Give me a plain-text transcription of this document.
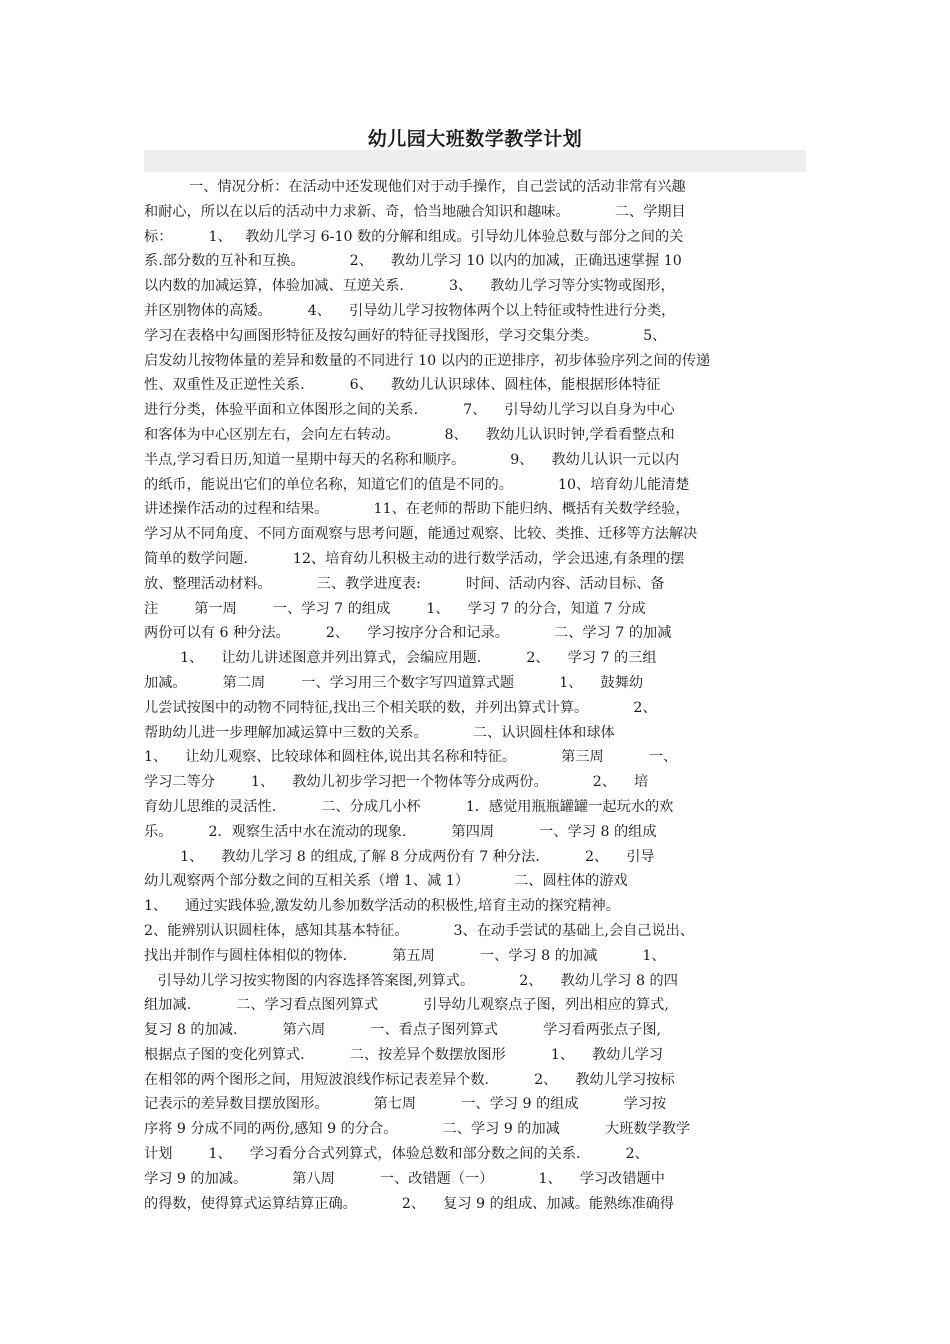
幼儿园大班数学教学计划
一、情况分析：在活动中还发现他们对于动手操作，自己尝试的活动非常有兴趣
和耐心，所以在以后的活动中力求新、奇，恰当地融合知识和趣味。          二、学期目
标：        1、   教幼儿学习 6-10 数的分解和组成。引导幼儿体验总数与部分之间的关
系.部分数的互补和互换。          2、    教幼儿学习 10 以内的加减，正确迅速掌握 10
以内数的加减运算，体验加减、互逆关系.          3、    教幼儿学习等分实物或图形，
并区别物体的高矮。        4、    引导幼儿学习按物体两个以上特征或特性进行分类，
学习在表格中勾画图形特征及按勾画好的特征寻找图形，学习交集分类。          5、
启发幼儿按物体量的差异和数量的不同进行 10 以内的正逆排序，初步体验序列之间的传递
性、双重性及正逆性关系.          6、    教幼儿认识球体、圆柱体，能根据形体特征
进行分类，体验平面和立体图形之间的关系.          7、    引导幼儿学习以自身为中心
和客体为中心区别左右，会向左右转动。          8、    教幼儿认识时钟,学看看整点和
半点,学习看日历,知道一星期中每天的名称和顺序。          9、    教幼儿认识一元以内
的纸币，能说出它们的单位名称，知道它们的值是不同的。          10、培育幼儿能清楚
讲述操作活动的过程和结果。          11、在老师的帮助下能归纳、概括有关数学经验，
学习从不同角度、不同方面观察与思考问题，能通过观察、比较、类推、迁移等方法解决
简单的数学问题.          12、培育幼儿积极主动的进行数学活动，学会迅速,有条理的摆
放、整理活动材料。          三、教学进度表:          时间、活动内容、活动目标、备
注        第一周        一、学习 7 的组成        1、    学习 7 的分合，知道 7 分成
两份可以有 6 种分法。        2、    学习按序分合和记录。          二、学习 7 的加减
1、    让幼儿讲述图意并列出算式，会编应用题.          2、    学习 7 的三组
加减。        第二周        一、学习用三个数字写四道算式题          1、    鼓舞幼
儿尝试按图中的动物不同特征,找出三个相关联的数，并列出算式计算。          2、
帮助幼儿进一步理解加减运算中三数的关系。          二、认识圆柱体和球体
1、    让幼儿观察、比较球体和圆柱体,说出其名称和特征。          第三周          一、
学习二等分        1、    教幼儿初步学习把一个物体等分成两份。          2、    培
育幼儿思维的灵活性.          二、分成几小杯          1．感觉用瓶瓶罐罐一起玩水的欢
乐。        2．观察生活中水在流动的现象.          第四周          一、学习 8 的组成
1、    教幼儿学习 8 的组成,了解 8 分成两份有 7 种分法.          2、    引导
幼儿观察两个部分数之间的互相关系（增 1、减 1）          二、圆柱体的游戏
1、    通过实践体验,激发幼儿参加数学活动的积极性,培育主动的探究精神。
2、能辨别认识圆柱体，感知其基本特征。          3、在动手尝试的基础上,会自己说出、
找出并制作与圆柱体相似的物体.          第五周          一、学习 8 的加减          1、
引导幼儿学习按实物图的内容选择答案图,列算式。          2、    教幼儿学习 8 的四
组加减.          二、学习看点图列算式          引导幼儿观察点子图，列出相应的算式,
复习 8 的加减.          第六周          一、看点子图列算式          学习看两张点子图,
根据点子图的变化列算式.          二、按差异个数摆放图形          1、    教幼儿学习
在相邻的两个图形之间，用短波浪线作标记表差异个数.          2、    教幼儿学习按标
记表示的差异数目摆放图形。          第七周          一、学习 9 的组成          学习按
序将 9 分成不同的两份,感知 9 的分合。          二、学习 9 的加减          大班数学教学
计划        1、    学习看分合式列算式，体验总数和部分数之间的关系.          2、
学习 9 的加减。          第八周          一、改错题（一）          1、    学习改错题中
的得数，使得算式运算结算正确。          2、    复习 9 的组成、加减。能熟练准确得
